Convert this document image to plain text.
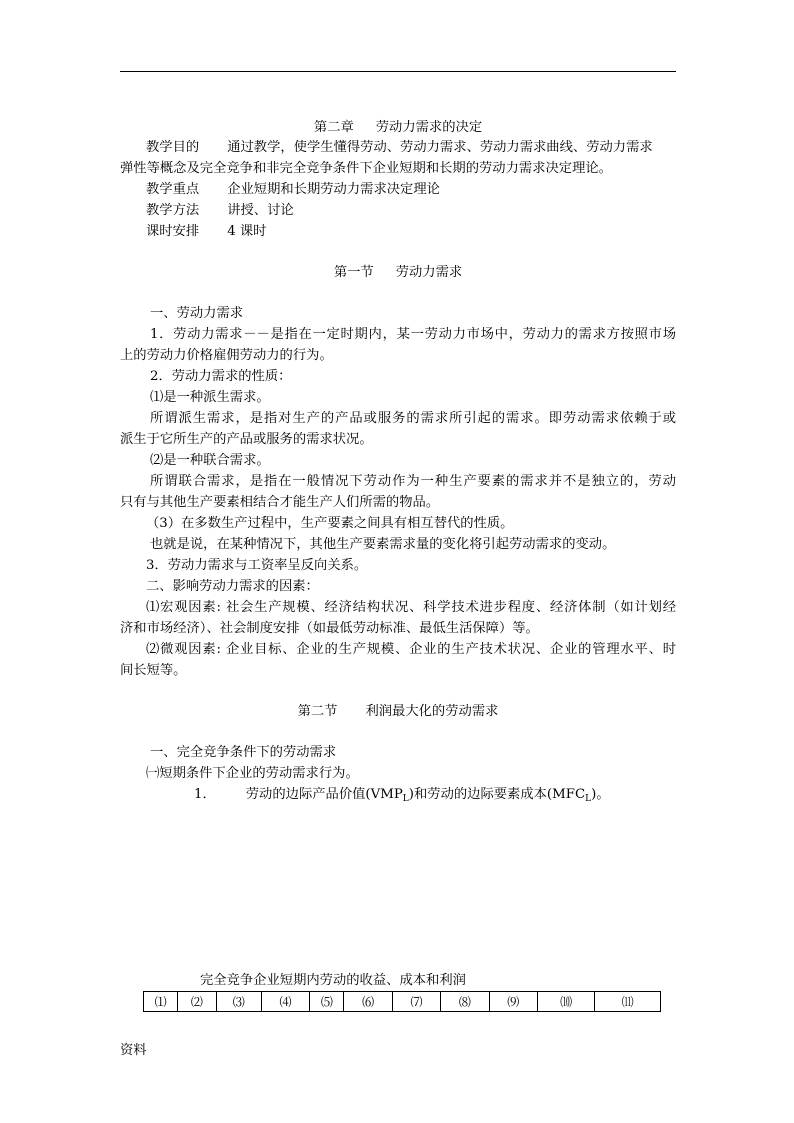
第二章 劳动力需求的决定
教学目的 通过教学，使学生懂得劳动、劳动力需求、劳动力需求曲线、劳动力需求
弹性等概念及完全竞争和非完全竞争条件下企业短期和长期的劳动力需求决定理论。
教学重点 企业短期和长期劳动力需求决定理论
教学方法 讲授、讨论
课时安排 4 课时
第一节 劳动力需求
一、劳动力需求
1．劳动力需求－－是指在一定时期内，某一劳动力市场中，劳动力的需求方按照市场
上的劳动力价格雇佣劳动力的行为。
2．劳动力需求的性质：
⑴是一种派生需求。
所谓派生需求，是指对生产的产品或服务的需求所引起的需求。即劳动需求依赖于或
派生于它所生产的产品或服务的需求状况。
⑵是一种联合需求。
所谓联合需求，是指在一般情况下劳动作为一种生产要素的需求并不是独立的，劳动
只有与其他生产要素相结合才能生产人们所需的物品。
（3）在多数生产过程中，生产要素之间具有相互替代的性质。
也就是说，在某种情况下，其他生产要素需求量的变化将引起劳动需求的变动。
3．劳动力需求与工资率呈反向关系。
二、影响劳动力需求的因素：
⑴宏观因素: 社会生产规模、经济结构状况、科学技术进步程度、经济体制（如计划经
济和市场经济）、社会制度安排（如最低劳动标准、最低生活保障）等。
⑵微观因素: 企业目标、企业的生产规模、企业的生产技术状况、企业的管理水平、时
间长短等。
第二节 利润最大化的劳动需求
一、完全竞争条件下的劳动需求
㈠短期条件下企业的劳动需求行为。
1． 劳动的边际产品价值$(VMP_L)$和劳动的边际要素成本$(MFC_L)$。
完全竞争企业短期内劳动的收益、成本和利润
⑴	⑵	⑶	⑷	⑸	⑹	⑺	⑻	⑼	⑽	⑾
资料
